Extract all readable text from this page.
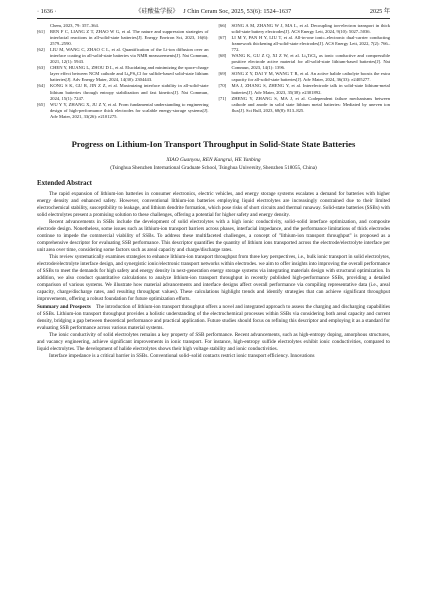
· 1636 ·	《硅酸盐学报》 J Chin Ceram Soc, 2025, 53(6): 1524–1637	2025 年
Chem, 2023, 79: 357–364.
[61]	REN F C, LIANG Z T, ZHAO W G, et al. The nature and suppression strategies of interfacial reactions in all-solid-state batteries[J]. Energy Environ Sci, 2023, 16(6): 2579–2590.
[62]	LIU M, WANG C, ZHAO C L, et al. Quantification of the Li-ion diffusion over an interface coating in all-solid-state batteries via NMR measurements[J]. Nat Commun, 2021, 12(1): 5943.
[63]	CHEN Y, HUANG L, ZHOU D L, et al. Elucidating and minimizing the space-charge layer effect between NCM cathode and Li₆PS₅Cl for sulfide-based solid-state lithium batteries[J]. Adv Energy Mater, 2024, 14(30): 2304443.
[64]	KONG S K, GU R, JIN Z Z, et al. Maximizing interface stability in all-solid-state lithium batteries through entropy stabilization and fast kinetics[J]. Nat Commun, 2024, 15(1): 7247.
[65]	WU Y Y, ZHANG X, JU Z Y, et al. From fundamental understanding to engineering design of high-performance thick electrodes for scalable energy-storage systems[J]. Adv Mater, 2021, 33(26): e2101275.
[66]	SONG A M, ZHANG W J, MA L, et al. Decoupling ion-electron transport in thick solid-state battery electrodes[J]. ACS Energy Lett, 2024, 9(10): 5027–5036.
[67]	LI M Y, PAN H Y, LIU T, et al. All-in-one ionic–electronic dual-carrier conducting framework thickening all-solid-state electrodes[J]. ACS Energy Lett, 2022, 7(2): 766–772.
[68]	WANG K, GU Z Q, XI Z W, et al. Li₃TiCl₆ as ionic conductive and compressible positive electrode active material for all-solid-state lithium-based batteries[J]. Nat Commun, 2023, 14(1): 1396.
[69]	SONG Z Y, DAI Y M, WANG T R, et al. An active halide catholyte boosts the extra capacity for all-solid-state batteries[J]. Adv Mater, 2024, 36(33): e2405277.
[70]	MA J, ZHANG S, ZHENG Y, et al. Interelectrode talk in solid-state lithium-metal batteries[J]. Adv Mater, 2023, 35(38): e2301892.
[71]	ZHENG Y, ZHANG S, MA J, et al. Codependent failure mechanisms between cathode and anode in solid state lithium metal batteries: Mediated by uneven ion flux[J]. Sci Bull, 2023, 68(8): 813–825.
Progress on Lithium-Ion Transport Throughput in Solid-State State Batteries
XIAO Guanyou, REN Kangrui, HE Yanbing
(Tsinghua Shenzhen International Graduate School, Tsinghua University, Shenzhen 518055, China)
Extended Abstract

The rapid expansion of lithium-ion batteries in consumer electronics, electric vehicles, and energy storage systems escalates a demand for batteries with higher energy density and enhanced safety. However, conventional lithium-ion batteries employing liquid electrolytes are increasingly constrained due to their limited electrochemical stability, susceptibility to leakage, and lithium dendrite formation, which pose risks of short circuits and thermal runaway. Solid-state batteries (SSBs) with solid electrolytes present a promising solution to these challenges, offering a potential for higher safety and energy density.

Recent advancements in SSBs include the development of solid electrolytes with a high ionic conductivity, solid–solid interface optimization, and composite electrode design. Nonetheless, some issues such as lithium-ion transport barriers across phases, interfacial impedance, and the performance limitations of thick electrodes continue to impede the commercial viability of SSBs. To address these multifaceted challenges, a concept of "lithium-ion transport throughput" is proposed as a comprehensive descriptor for evaluating SSB performance. This descriptor quantifies the quantity of lithium ions transported across the electrode/electrolyte interface per unit area over time, considering some factors such as areal capacity and charge/discharge rates.

This review systematically examines strategies to enhance lithium-ion transport throughput from three key perspectives, i.e., bulk ionic transport in solid electrolytes, electrode/electrolyte interface design, and synergistic ionic/electronic transport networks within electrodes. we aim to offer insights into improving the overall performance of SSBs to meet the demands for high safety and energy density in next-generation energy storage systems via integrating materials design with structural optimization. In addition, we also conduct quantitative calculations to analyze lithium-ion transport throughput in recently published high-performance SSBs, providing a detailed comparison of various systems. We illustrate how material advancements and interface designs affect overall performance via compiling representative data (i.e., areal capacity, charge/discharge rates, and resulting throughput values). These calculations highlight trends and identify strategies that can achieve significant throughput improvements, offering a robust foundation for future optimization efforts.

Summary and Prospects   The introduction of lithium-ion transport throughput offers a novel and integrated approach to assess the charging and discharging capabilities of SSBs. Lithium-ion transport throughput provides a holistic understanding of the electrochemical processes within SSBs via considering both areal capacity and current density, bridging a gap between theoretical performance and practical application. Future studies should focus on refining this descriptor and employing it as a standard for evaluating SSB performance across various material systems.

The ionic conductivity of solid electrolytes remains a key property of SSB performance. Recent advancements, such as high-entropy doping, amorphous structures, and vacancy engineering, achieve significant improvements in ionic transport. For instance, high-entropy sulfide electrolytes exhibit ionic conductivities, compared to liquid electrolytes. The development of halide electrolytes shows their high voltage stability and ionic conductivities.

Interface impedance is a critical barrier in SSBs. Conventional solid–solid contacts restrict ionic transport efficiency. Innovations
